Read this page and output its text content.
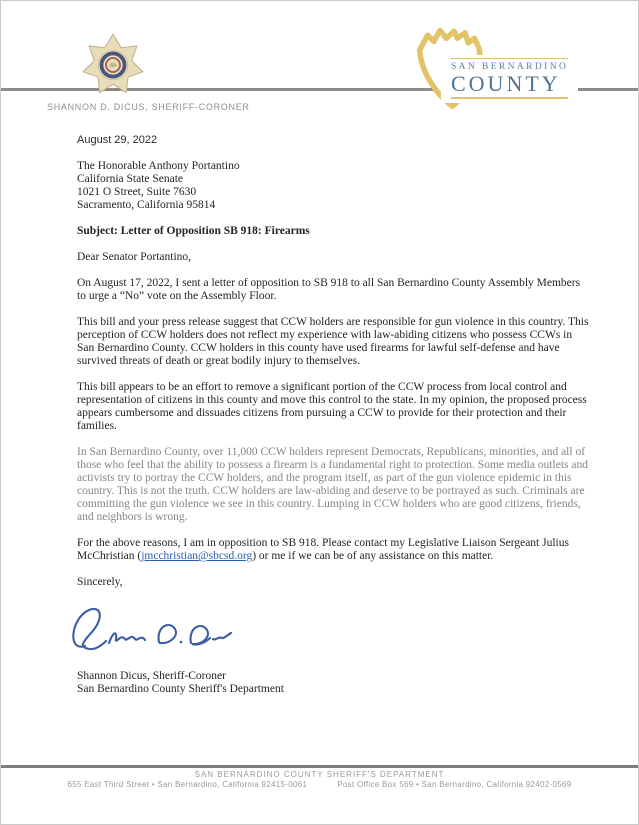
✦✦✦✦
SHANNON D. DICUS, SHERIFF-CORONER
SAN BERNARDINO
COUNTY
August 29, 2022
The Honorable Anthony Portantino
California State Senate
1021 O Street, Suite 7630
Sacramento, California 95814
Subject: Letter of Opposition SB 918: Firearms
Dear Senator Portantino,
On August 17, 2022, I sent a letter of opposition to SB 918 to all San Bernardino County Assembly Members to urge a “No” vote on the Assembly Floor.
This bill and your press release suggest that CCW holders are responsible for gun violence in this country. This perception of CCW holders does not reflect my experience with law-abiding citizens who possess CCWs in San Bernardino County. CCW holders in this county have used firearms for lawful self-defense and have survived threats of death or great bodily injury to themselves.
This bill appears to be an effort to remove a significant portion of the CCW process from local control and representation of citizens in this county and move this control to the state. In my opinion, the proposed process appears cumbersome and dissuades citizens from pursuing a CCW to provide for their protection and their families.
In San Bernardino County, over 11,000 CCW holders represent Democrats, Republicans, minorities, and all of those who feel that the ability to possess a firearm is a fundamental right to protection. Some media outlets and activists try to portray the CCW holders, and the program itself, as part of the gun violence epidemic in this country. This is not the truth. CCW holders are law-abiding and deserve to be portrayed as such. Criminals are committing the gun violence we see in this country. Lumping in CCW holders who are good citizens, friends, and neighbors is wrong.
For the above reasons, I am in opposition to SB 918. Please contact my Legislative Liaison Sergeant Julius McChristian (jmcchristian@sbcsd.org) or me if we can be of any assistance on this matter.
Sincerely,
Shannon Dicus, Sheriff-Coroner
San Bernardino County Sheriff's Department
SAN BERNARDINO COUNTY SHERIFF'S DEPARTMENT
655 East Third Street • San Bernardino, California 92415-0061	Post Office Box 569 • San Bernardino, California 92402-0569
